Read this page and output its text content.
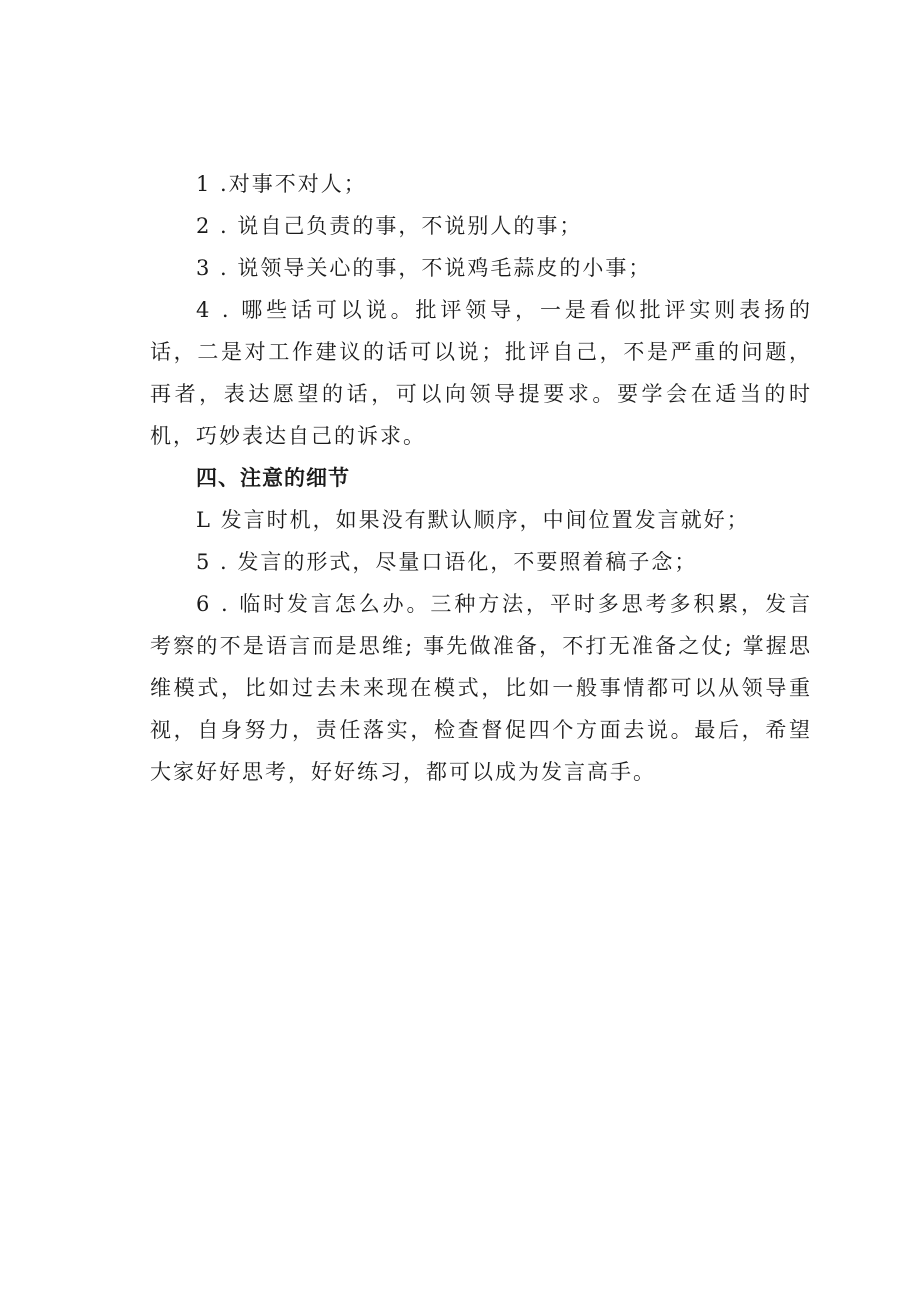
1 .对事不对人；

2 . 说自己负责的事，不说别人的事；

3 . 说领导关心的事，不说鸡毛蒜皮的小事；

4 . 哪些话可以说。批评领导，一是看似批评实则表扬的话，二是对工作建议的话可以说；批评自己，不是严重的问题，再者，表达愿望的话，可以向领导提要求。要学会在适当的时机，巧妙表达自己的诉求。

四、注意的细节

L 发言时机，如果没有默认顺序，中间位置发言就好；

5 . 发言的形式，尽量口语化，不要照着稿子念；

6 . 临时发言怎么办。三种方法，平时多思考多积累，发言考察的不是语言而是思维; 事先做准备，不打无准备之仗; 掌握思维模式，比如过去未来现在模式，比如一般事情都可以从领导重视，自身努力，责任落实，检查督促四个方面去说。最后，希望大家好好思考，好好练习，都可以成为发言高手。
